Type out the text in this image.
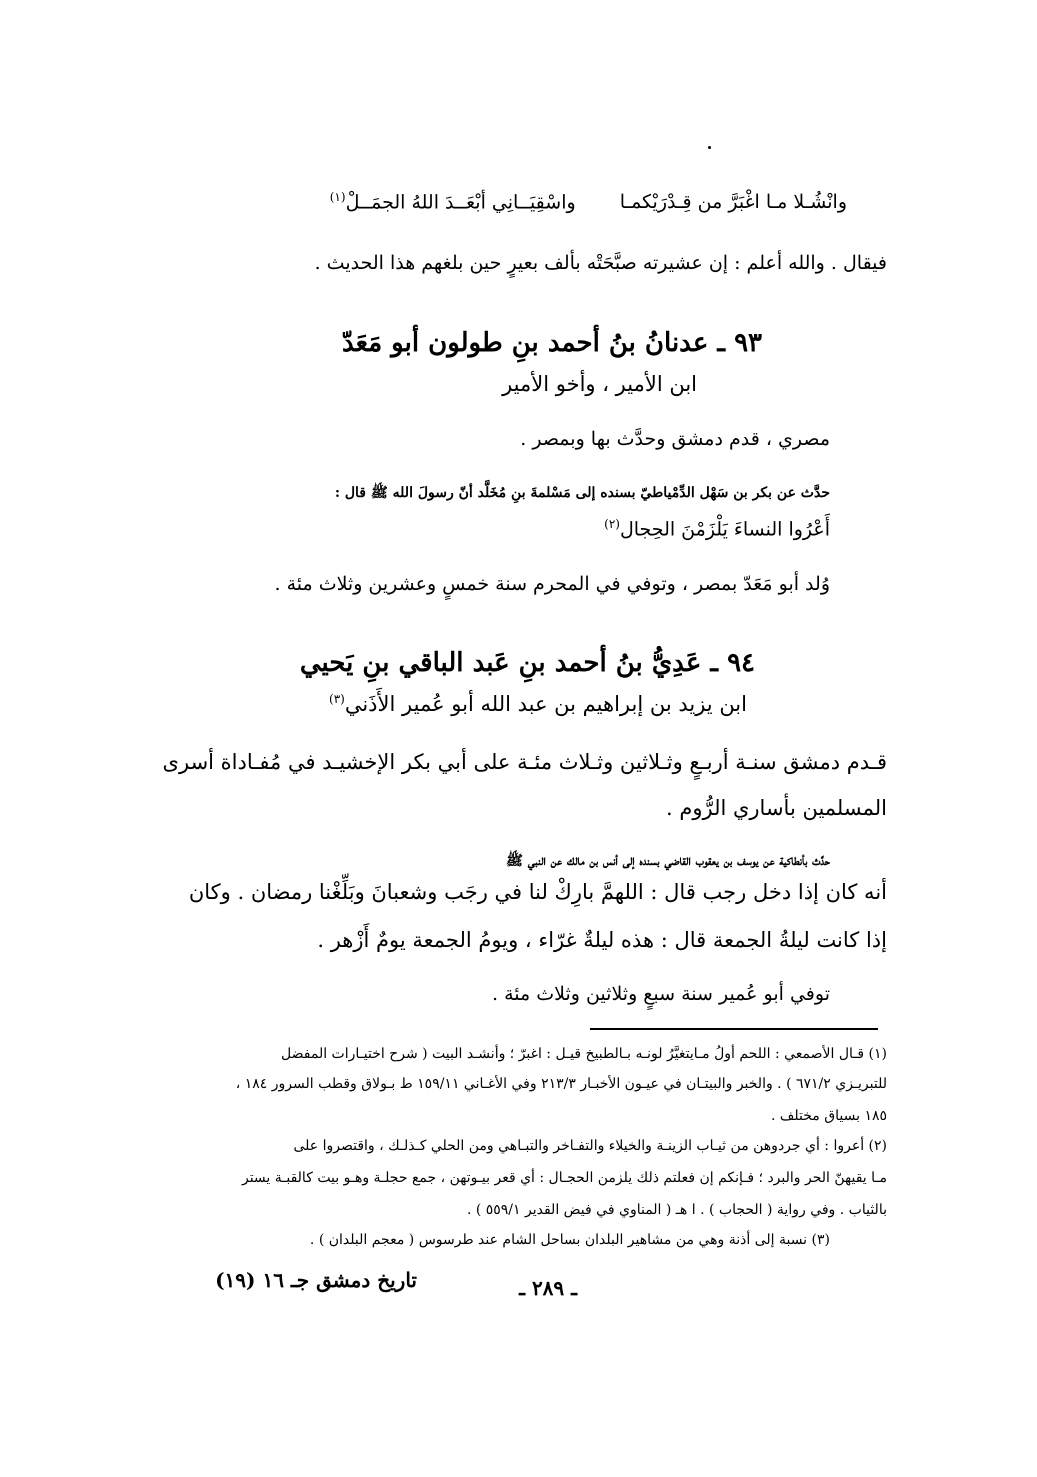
وانْشُـلا مـا اغْبَرَّ من قِـدْرَيْكمـا واسْقِيَــانِي أبْعَــدَ اللهُ الجمَــلْ$^{(١)}$
فيقال . والله أعلم : إن عشيرته صبَّحَتْه بألف بعيرٍ حين بلغهم هذا الحديث .
٩٣ ـ عدنانُ بنُ أحمد بنِ طولون أبو مَعَدّ
ابن الأمير ، وأخو الأمير
مصري ، قدم دمشق وحدَّث بها وبمصر .
حدَّث عن بكر بن سَهْل الدِّمْياطيّ بسنده إلى مَسْلمةَ بنِ مُخَلَّد أنّ رسولَ الله ﷺ قال :
أَعْرُوا النساءَ يَلْزَمْنَ الحِجال$^{(٢)}$
وُلد أبو مَعَدّ بمصر ، وتوفي في المحرم سنة خمسٍ وعشرين وثلاث مئة .
٩٤ ـ عَدِيُّ بنُ أحمد بنِ عَبد الباقي بنِ يَحيي
ابن يزيد بن إبراهيم بن عبد الله أبو عُمير الأَذَني$^{(٣)}$
قـدم دمشق سنـة أربـعٍ وثـلاثين وثـلاث مئـة على أبي بكر الإخشيـد في مُفـاداة أسرى
المسلمين بأساري الرُّوم .
حدَّث بأنطاكية عن يوسف بن يعقوب القاضي بسنده إلى أنس بن مالك عن النبي ﷺ
أنه كان إذا دخل رجب قال : اللهمَّ بارِكْ لنا في رجَب وشعبانَ وبَلِّغْنا رمضان . وكان
إذا كانت ليلةُ الجمعة قال : هذه ليلةٌ غرّاء ، ويومُ الجمعة يومٌ أَزْهر .
توفي أبو عُمير سنة سبعٍ وثلاثين وثلاث مئة .
(١) قـال الأصمعي : اللحم أولُ مـايتغيَّرُ لونـه بـالطبيخ قيـل : اغبرّ ؛ وأنشـد البيت ( شرح اختيـارات المفضل
للتبريـزي ٦٧١/٢ ) . والخبر والبيتـان في عيـون الأخبـار ٢١٣/٣ وفي الأغـاني ١٥٩/١١ ط بـولاق وقطب السرور ١٨٤ ،
١٨٥ بسياق مختلف .
(٢) أعروا : أي جردوهن من ثيـاب الزينـة والخيلاء والتفـاخر والتبـاهي ومن الحلي كـذلـك ، واقتصروا على
مـا يقيهنّ الحر والبرد ؛ فـإنكم إن فعلتم ذلك يلزمن الحجـال : أي قعر بيـوتهن ، جمع حجلـة وهـو بيت كالقبـة يستر
بالثياب . وفي رواية ( الحجاب ) . ا هـ ( المناوي في فيض القدير ٥٥٩/١ ) .
(٣) نسبة إلى أذنة وهي من مشاهير البلدان بساحل الشام عند طرسوس ( معجم البلدان ) .
تاريخ دمشق جـ ١٦ (١٩)	ـ ٢٨٩ ـ
